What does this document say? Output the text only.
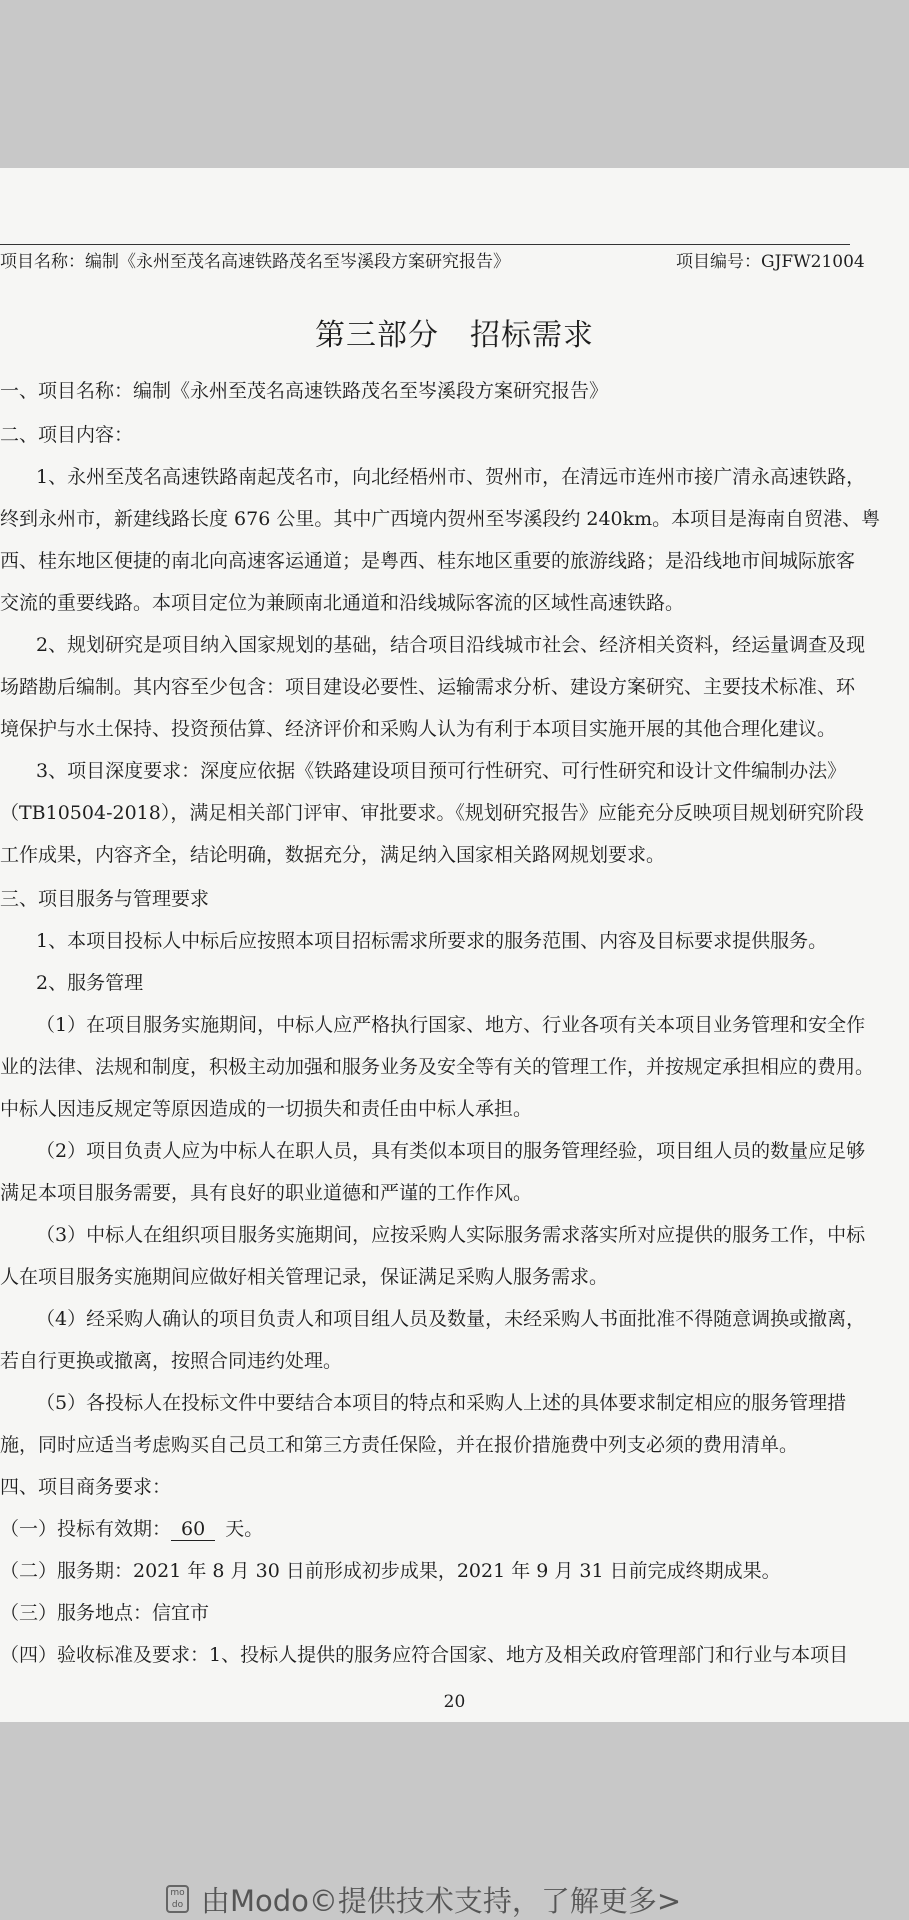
项目名称：编制《永州至茂名高速铁路茂名至岑溪段方案研究报告》	项目编号：GJFW21004
第三部分　招标需求
一、项目名称：编制《永州至茂名高速铁路茂名至岑溪段方案研究报告》
二、项目内容：
1、永州至茂名高速铁路南起茂名市，向北经梧州市、贺州市，在清远市连州市接广清永高速铁路，
终到永州市，新建线路长度 676 公里。其中广西境内贺州至岑溪段约 240km。本项目是海南自贸港、粤
西、桂东地区便捷的南北向高速客运通道；是粤西、桂东地区重要的旅游线路；是沿线地市间城际旅客
交流的重要线路。本项目定位为兼顾南北通道和沿线城际客流的区域性高速铁路。
2、规划研究是项目纳入国家规划的基础，结合项目沿线城市社会、经济相关资料，经运量调查及现
场踏勘后编制。其内容至少包含：项目建设必要性、运输需求分析、建设方案研究、主要技术标准、环
境保护与水土保持、投资预估算、经济评价和采购人认为有利于本项目实施开展的其他合理化建议。
3、项目深度要求：深度应依据《铁路建设项目预可行性研究、可行性研究和设计文件编制办法》
（TB10504-2018），满足相关部门评审、审批要求。《规划研究报告》应能充分反映项目规划研究阶段
工作成果，内容齐全，结论明确，数据充分，满足纳入国家相关路网规划要求。
三、项目服务与管理要求
1、本项目投标人中标后应按照本项目招标需求所要求的服务范围、内容及目标要求提供服务。
2、服务管理
（1）在项目服务实施期间，中标人应严格执行国家、地方、行业各项有关本项目业务管理和安全作
业的法律、法规和制度，积极主动加强和服务业务及安全等有关的管理工作，并按规定承担相应的费用。
中标人因违反规定等原因造成的一切损失和责任由中标人承担。
（2）项目负责人应为中标人在职人员，具有类似本项目的服务管理经验，项目组人员的数量应足够
满足本项目服务需要，具有良好的职业道德和严谨的工作作风。
（3）中标人在组织项目服务实施期间，应按采购人实际服务需求落实所对应提供的服务工作，中标
人在项目服务实施期间应做好相关管理记录，保证满足采购人服务需求。
（4）经采购人确认的项目负责人和项目组人员及数量，未经采购人书面批准不得随意调换或撤离，
若自行更换或撤离，按照合同违约处理。
（5）各投标人在投标文件中要结合本项目的特点和采购人上述的具体要求制定相应的服务管理措
施，同时应适当考虑购买自己员工和第三方责任保险，并在报价措施费中列支必须的费用清单。
四、项目商务要求：
（一）投标有效期： 60 天。
（二）服务期：2021 年 8 月 30 日前形成初步成果，2021 年 9 月 31 日前完成终期成果。
（三）服务地点：信宜市
（四）验收标准及要求：1、投标人提供的服务应符合国家、地方及相关政府管理部门和行业与本项目
20
mo
do 由Modo©提供技术支持，了解更多>
